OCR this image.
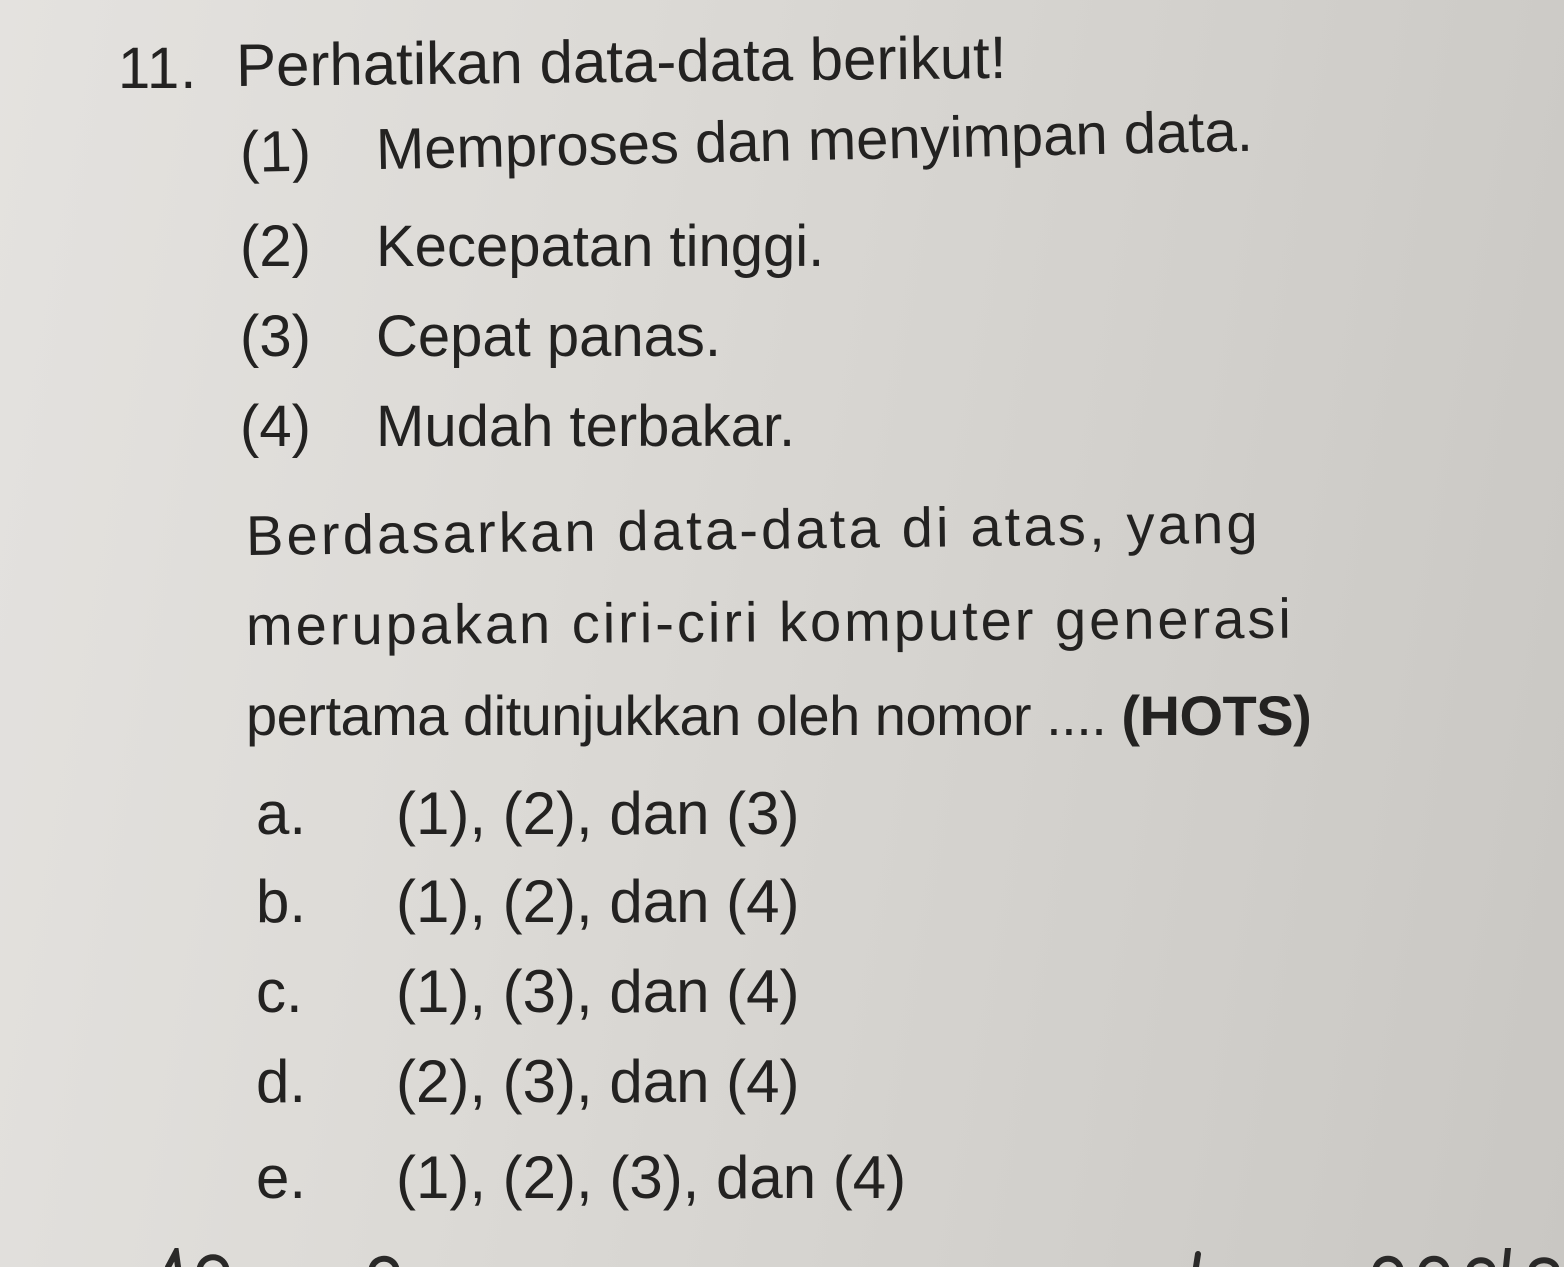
11. Perhatikan data-data berikut!
(1) Memproses dan menyimpan data.
(2) Kecepatan tinggi.
(3) Cepat panas.
(4) Mudah terbakar.
Berdasarkan data-data di atas, yang
merupakan ciri-ciri komputer generasi
pertama ditunjukkan oleh nomor .... (HOTS)
a. (1), (2), dan (3)
b. (1), (2), dan (4)
c. (1), (3), dan (4)
d. (2), (3), dan (4)
e. (1), (2), (3), dan (4)
